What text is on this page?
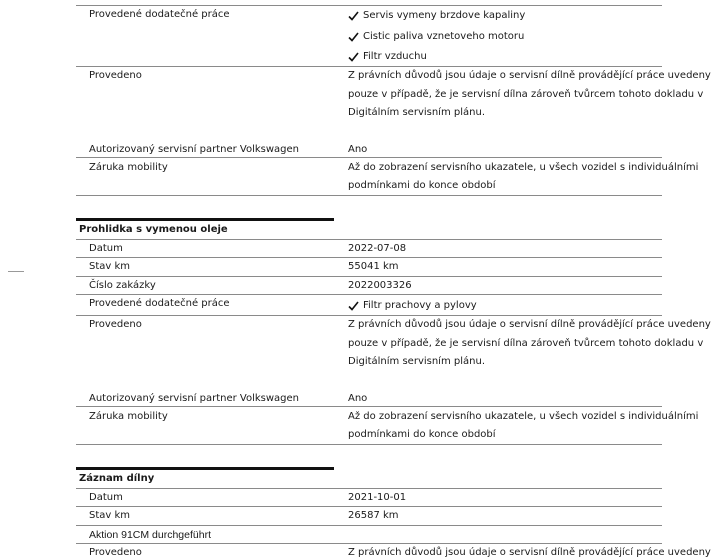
Provedené dodatečné práce	Servis vymeny brzdove kapaliny
Cistic paliva vznetoveho motoru
Filtr vzduchu
Provedeno	Z právních důvodů jsou údaje o servisní dílně provádějící práce uvedeny
pouze v případě, že je servisní dílna zároveň tvůrcem tohoto dokladu v
Digitálním servisním plánu.
Autorizovaný servisní partner Volkswagen	Ano
Záruka mobility	Až do zobrazení servisního ukazatele, u všech vozidel s individuálními
podmínkami do konce období
Prohlidka s vymenou oleje
Datum	2022-07-08
Stav km	55041 km
Číslo zakázky	2022003326
Provedené dodatečné práce	Filtr prachovy a pylovy
Provedeno	Z právních důvodů jsou údaje o servisní dílně provádějící práce uvedeny
pouze v případě, že je servisní dílna zároveň tvůrcem tohoto dokladu v
Digitálním servisním plánu.
Autorizovaný servisní partner Volkswagen	Ano
Záruka mobility	Až do zobrazení servisního ukazatele, u všech vozidel s individuálními
podmínkami do konce období
Záznam dílny
Datum	2021-10-01
Stav km	26587 km
Aktion 91CM durchgeführt
Provedeno	Z právních důvodů jsou údaje o servisní dílně provádějící práce uvedeny
